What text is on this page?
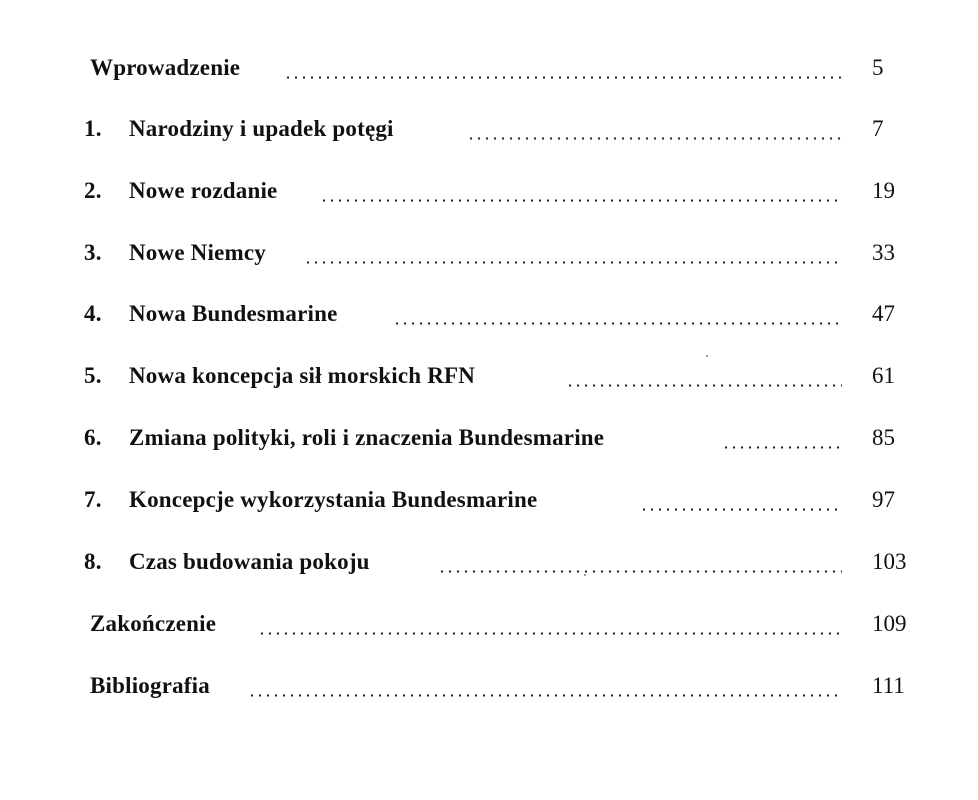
Wprowadzenie	5
1. Narodziny i upadek potęgi	7
2. Nowe rozdanie	19
3. Nowe Niemcy	33
4. Nowa Bundesmarine	47
5. Nowa koncepcja sił morskich RFN	61
6. Zmiana polityki, roli i znaczenia Bundesmarine	85
7. Koncepcje wykorzystania Bundesmarine	97
8. Czas budowania pokoju	103
Zakończenie	109
Bibliografia	111
